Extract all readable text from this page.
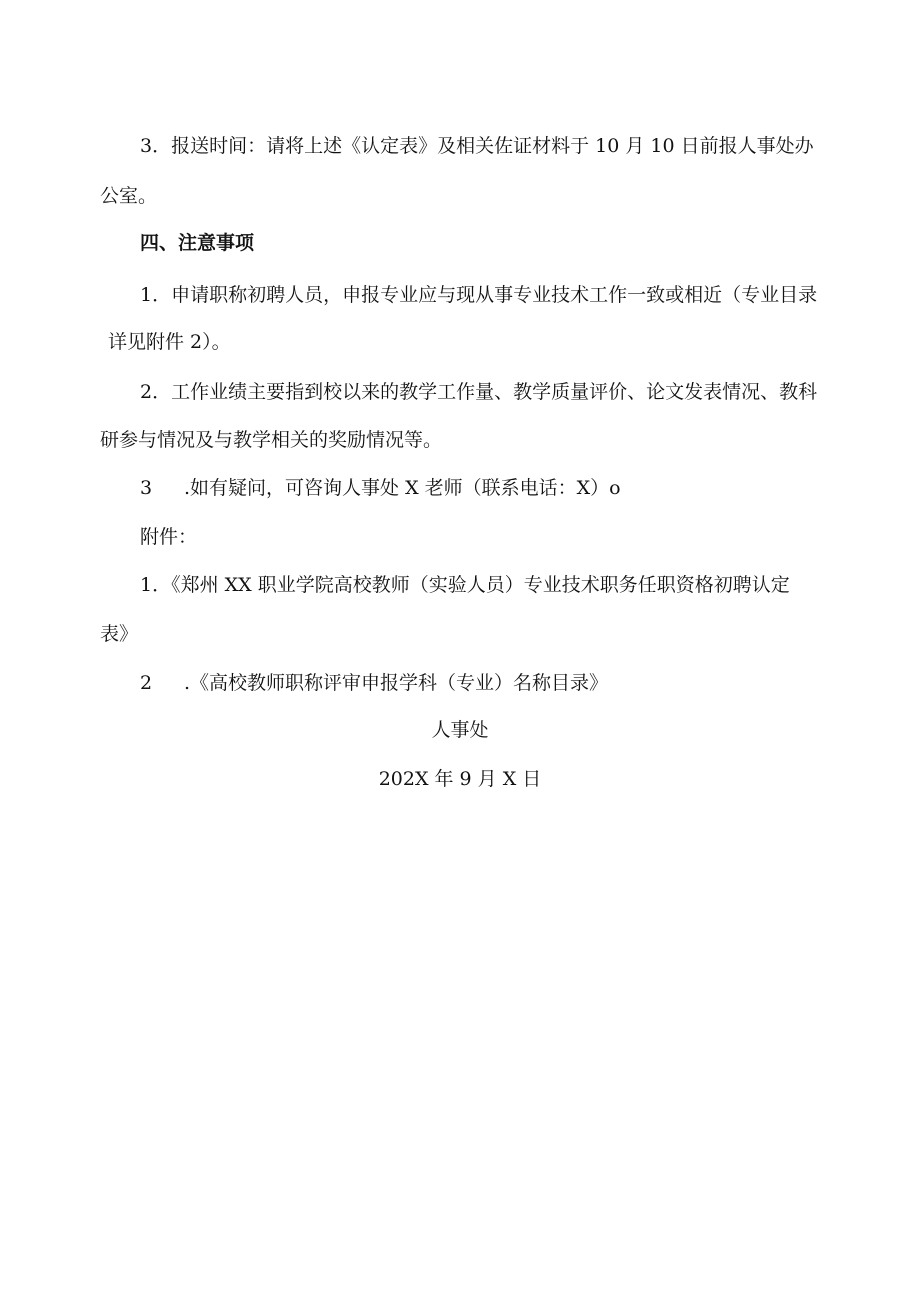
3．报送时间：请将上述《认定表》及相关佐证材料于 10 月 10 日前报人事处办
公室。
四、注意事项
1．申请职称初聘人员，申报专业应与现从事专业技术工作一致或相近（专业目录
详见附件 2）。
2．工作业绩主要指到校以来的教学工作量、教学质量评价、论文发表情况、教科
研参与情况及与教学相关的奖励情况等。
3 .如有疑问，可咨询人事处 X 老师（联系电话：X）o
附件：
1．《郑州 XX 职业学院高校教师（实验人员）专业技术职务任职资格初聘认定
表》
2 .《高校教师职称评审申报学科（专业）名称目录》
人事处
202X 年 9 月 X 日
